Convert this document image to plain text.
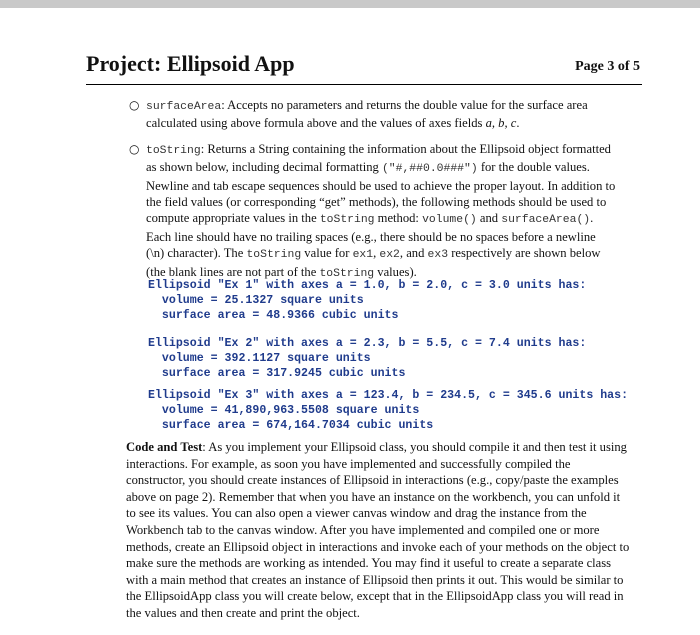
Project: Ellipsoid App	Page 3 of 5
○ surfaceArea: Accepts no parameters and returns the double value for the surface area calculated using above formula above and the values of axes fields a, b, c.
○ toString: Returns a String containing the information about the Ellipsoid object formatted as shown below, including decimal formatting ("#,##0.0###") for the double values. Newline and tab escape sequences should be used to achieve the proper layout. In addition to the field values (or corresponding “get” methods), the following methods should be used to compute appropriate values in the toString method: volume() and surfaceArea(). Each line should have no trailing spaces (e.g., there should be no spaces before a newline (\n) character). The toString value for ex1, ex2, and ex3 respectively are shown below (the blank lines are not part of the toString values).
Ellipsoid "Ex 1" with axes a = 1.0, b = 2.0, c = 3.0 units has:
volume = 25.1327 square units
surface area = 48.9366 cubic units
Ellipsoid "Ex 2" with axes a = 2.3, b = 5.5, c = 7.4 units has:
volume = 392.1127 square units
surface area = 317.9245 cubic units
Ellipsoid "Ex 3" with axes a = 123.4, b = 234.5, c = 345.6 units has:
volume = 41,890,963.5508 square units
surface area = 674,164.7034 cubic units
Code and Test: As you implement your Ellipsoid class, you should compile it and then test it using interactions. For example, as soon you have implemented and successfully compiled the constructor, you should create instances of Ellipsoid in interactions (e.g., copy/paste the examples above on page 2). Remember that when you have an instance on the workbench, you can unfold it to see its values. You can also open a viewer canvas window and drag the instance from the Workbench tab to the canvas window. After you have implemented and compiled one or more methods, create an Ellipsoid object in interactions and invoke each of your methods on the object to make sure the methods are working as intended. You may find it useful to create a separate class with a main method that creates an instance of Ellipsoid then prints it out. This would be similar to the EllipsoidApp class you will create below, except that in the EllipsoidApp class you will read in the values and then create and print the object.
